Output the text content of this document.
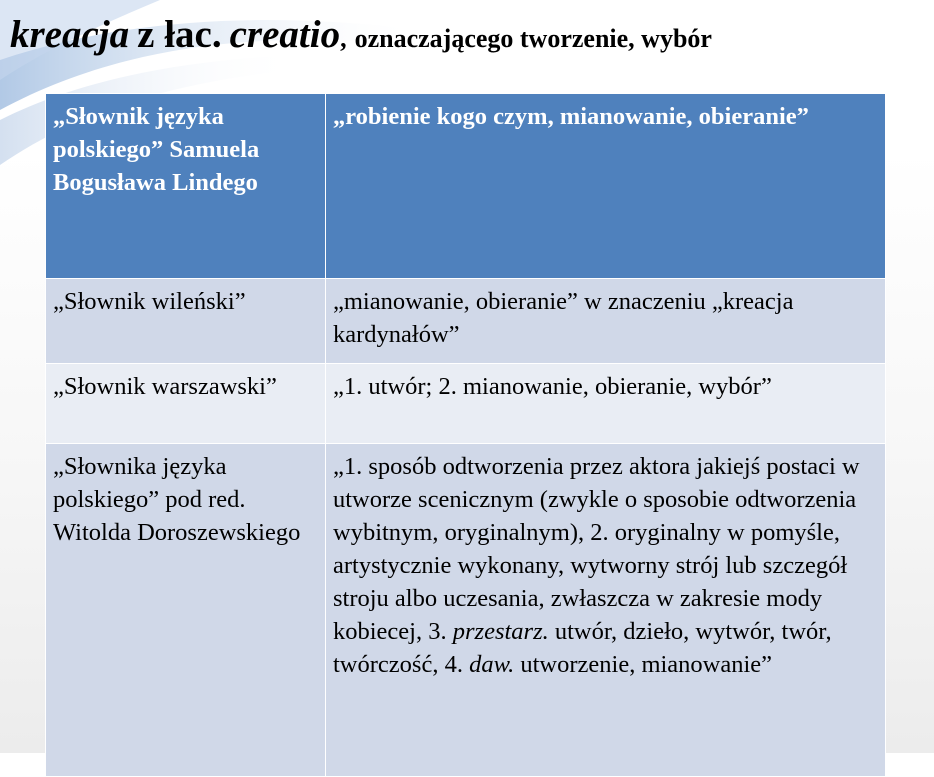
kreacja z łac. creatio, oznaczającego tworzenie, wybór
„Słownik języka polskiego” Samuela Bogusława Lindego	„robienie kogo czym, mianowanie, obieranie”
„Słownik wileński”	„mianowanie, obieranie” w znaczeniu „kreacja kardynałów”
„Słownik warszawski”	„1. utwór; 2. mianowanie, obieranie, wybór”
„Słownika języka polskiego” pod red. Witolda Doroszewskiego	„1. sposób odtworzenia przez aktora jakiejś postaci w utworze scenicznym (zwykle o sposobie odtworzenia wybitnym, oryginalnym), 2. oryginalny w pomyśle, artystycznie wykonany, wytworny strój lub szczegół stroju albo uczesania, zwłaszcza w zakresie mody kobiecej, 3. przestarz. utwór, dzieło, wytwór, twór, twórczość, 4. daw. utworzenie, mianowanie”
